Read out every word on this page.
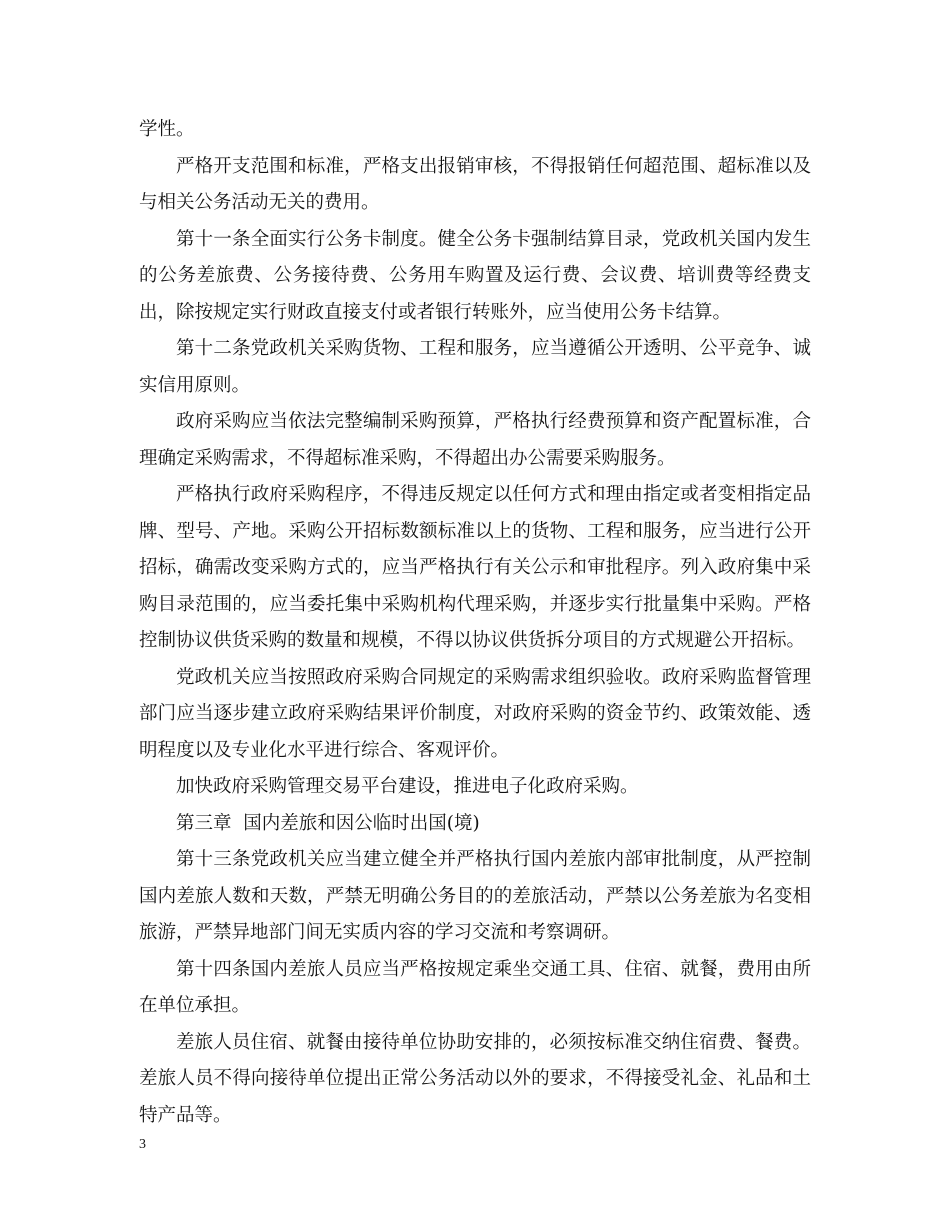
学性。

严格开支范围和标准，严格支出报销审核，不得报销任何超范围、超标准以及与相关公务活动无关的费用。

第十一条全面实行公务卡制度。健全公务卡强制结算目录，党政机关国内发生的公务差旅费、公务接待费、公务用车购置及运行费、会议费、培训费等经费支出，除按规定实行财政直接支付或者银行转账外，应当使用公务卡结算。

第十二条党政机关采购货物、工程和服务，应当遵循公开透明、公平竞争、诚实信用原则。

政府采购应当依法完整编制采购预算，严格执行经费预算和资产配置标准，合理确定采购需求，不得超标准采购，不得超出办公需要采购服务。

严格执行政府采购程序，不得违反规定以任何方式和理由指定或者变相指定品牌、型号、产地。采购公开招标数额标准以上的货物、工程和服务，应当进行公开招标，确需改变采购方式的，应当严格执行有关公示和审批程序。列入政府集中采购目录范围的，应当委托集中采购机构代理采购，并逐步实行批量集中采购。严格控制协议供货采购的数量和规模，不得以协议供货拆分项目的方式规避公开招标。

党政机关应当按照政府采购合同规定的采购需求组织验收。政府采购监督管理部门应当逐步建立政府采购结果评价制度，对政府采购的资金节约、政策效能、透明程度以及专业化水平进行综合、客观评价。

加快政府采购管理交易平台建设，推进电子化政府采购。

第三章  国内差旅和因公临时出国(境)

第十三条党政机关应当建立健全并严格执行国内差旅内部审批制度，从严控制国内差旅人数和天数，严禁无明确公务目的的差旅活动，严禁以公务差旅为名变相旅游，严禁异地部门间无实质内容的学习交流和考察调研。

第十四条国内差旅人员应当严格按规定乘坐交通工具、住宿、就餐，费用由所在单位承担。

差旅人员住宿、就餐由接待单位协助安排的，必须按标准交纳住宿费、餐费。差旅人员不得向接待单位提出正常公务活动以外的要求，不得接受礼金、礼品和土特产品等。

3
